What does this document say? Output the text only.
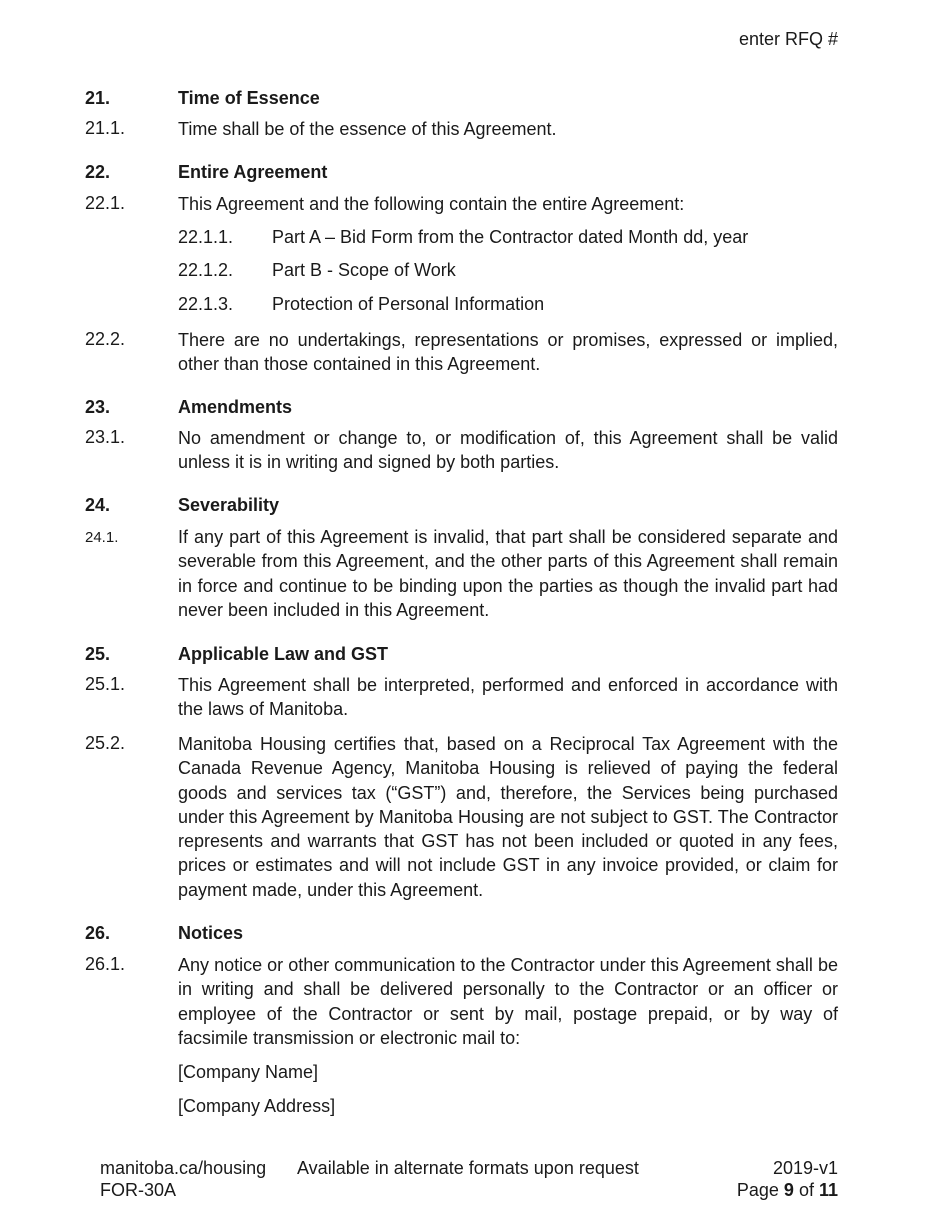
enter RFQ #
21.	Time of Essence
21.1.	Time shall be of the essence of this Agreement.
22.	Entire Agreement
22.1.	This Agreement and the following contain the entire Agreement:
22.1.1. Part A – Bid Form from the Contractor dated Month dd, year
22.1.2. Part B - Scope of Work
22.1.3. Protection of Personal Information
22.2.	There are no undertakings, representations or promises, expressed or implied, other than those contained in this Agreement.
23.	Amendments
23.1.	No amendment or change to, or modification of, this Agreement shall be valid unless it is in writing and signed by both parties.
24.	Severability
24.1.	If any part of this Agreement is invalid, that part shall be considered separate and severable from this Agreement, and the other parts of this Agreement shall remain in force and continue to be binding upon the parties as though the invalid part had never been included in this Agreement.
25.	Applicable Law and GST
25.1.	This Agreement shall be interpreted, performed and enforced in accordance with the laws of Manitoba.
25.2.	Manitoba Housing certifies that, based on a Reciprocal Tax Agreement with the Canada Revenue Agency, Manitoba Housing is relieved of paying the federal goods and services tax (“GST”) and, therefore, the Services being purchased under this Agreement by Manitoba Housing are not subject to GST. The Contractor represents and warrants that GST has not been included or quoted in any fees, prices or estimates and will not include GST in any invoice provided, or claim for payment made, under this Agreement.
26.	Notices
26.1.	Any notice or other communication to the Contractor under this Agreement shall be in writing and shall be delivered personally to the Contractor or an officer or employee of the Contractor or sent by mail, postage prepaid, or by way of facsimile transmission or electronic mail to:
[Company Name]
[Company Address]
manitoba.ca/housing
FOR-30A
Available in alternate formats upon request	2019-v1
Page 9 of 11
